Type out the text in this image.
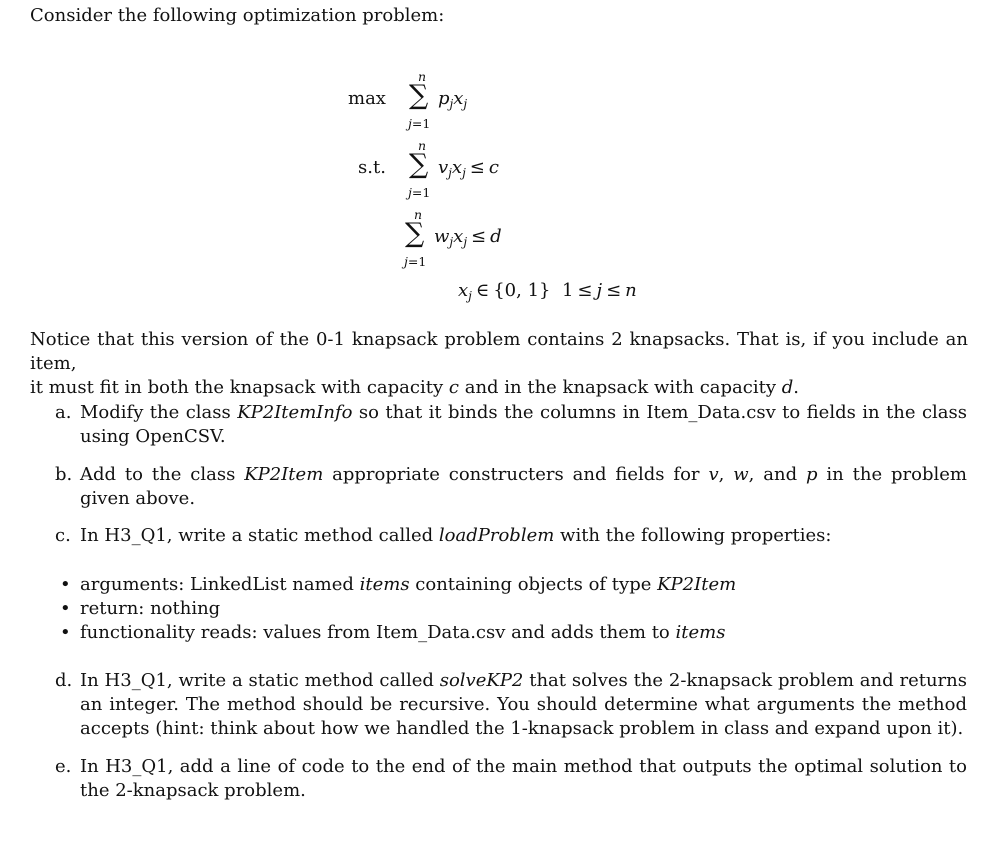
Consider the following optimization problem:
max
n
∑
j=1
$p_jx_j$
s.t.
n
∑
j=1
$v_jx_j \le c$
n
∑
j=1
$w_jx_j \le d$
$x_j$ ∈ {0, 1} 1 ≤ j ≤ n
Notice that this version of the 0-1 knapsack problem contains 2 knapsacks. That is, if you include an item,
it must fit in both the knapsack with capacity c and in the knapsack with capacity d.
a. Modify the class KP2ItemInfo so that it binds the columns in Item_Data.csv to fields in the class using OpenCSV.
b. Add to the class KP2Item appropriate constructers and fields for v, w, and p in the problem given above.
c. In H3_Q1, write a static method called loadProblem with the following properties:
• arguments: LinkedList named items containing objects of type KP2Item
• return: nothing
• functionality reads: values from Item_Data.csv and adds them to items
d. In H3_Q1, write a static method called solveKP2 that solves the 2-knapsack problem and returns an integer. The method should be recursive. You should determine what arguments the method accepts (hint: think about how we handled the 1-knapsack problem in class and expand upon it).
e. In H3_Q1, add a line of code to the end of the main method that outputs the optimal solution to the 2-knapsack problem.
